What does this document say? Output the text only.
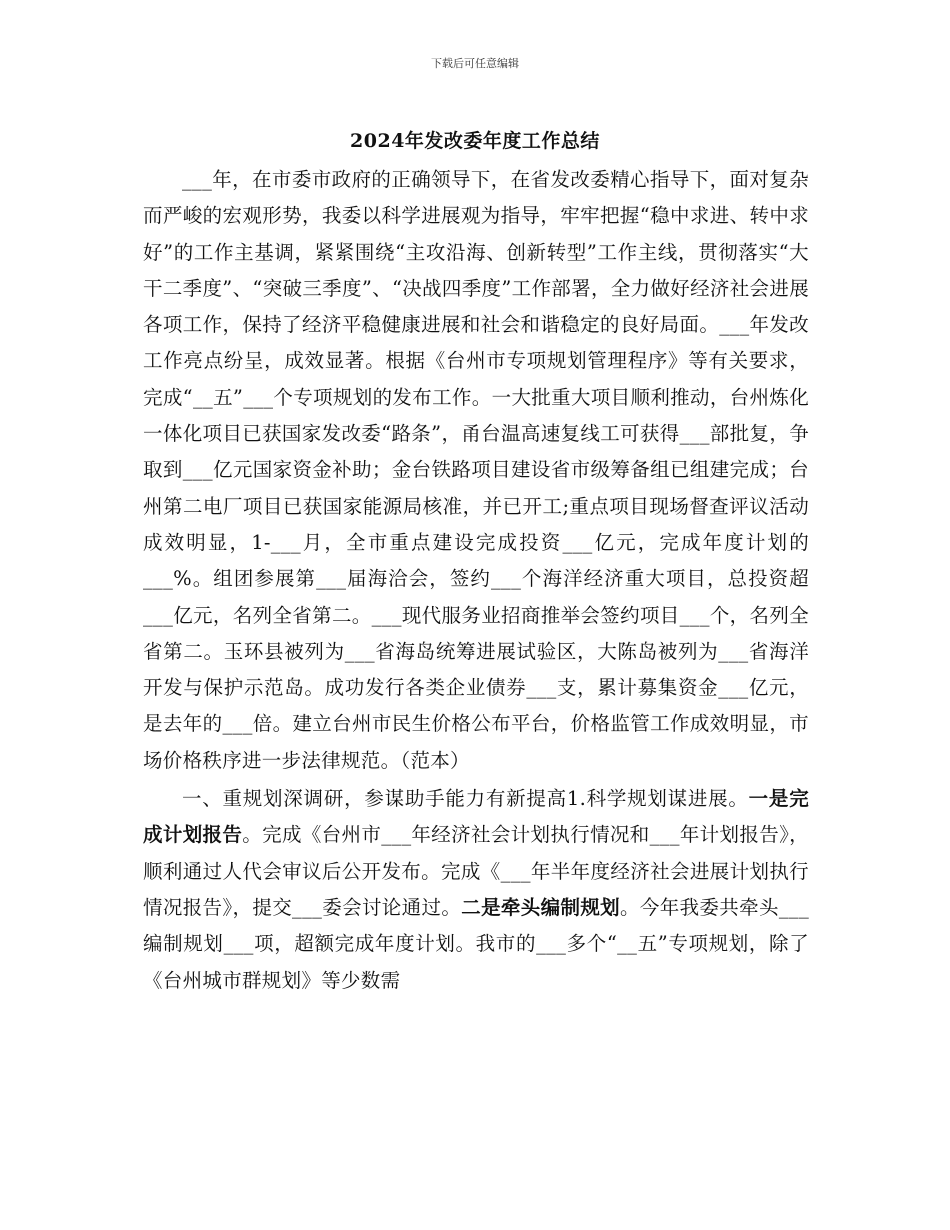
下载后可任意编辑
2024年发改委年度工作总结

___年，在市委市政府的正确领导下，在省发改委精心指导下，面对复杂而严峻的宏观形势，我委以科学进展观为指导，牢牢把握“稳中求进、转中求好”的工作主基调，紧紧围绕“主攻沿海、创新转型”工作主线，贯彻落实“大干二季度”、“突破三季度”、“决战四季度”工作部署，全力做好经济社会进展各项工作，保持了经济平稳健康进展和社会和谐稳定的良好局面。___年发改工作亮点纷呈，成效显著。根据《台州市专项规划管理程序》等有关要求，完成“__五”___个专项规划的发布工作。一大批重大项目顺利推动，台州炼化一体化项目已获国家发改委“路条”，甬台温高速复线工可获得___部批复，争取到___亿元国家资金补助；金台铁路项目建设省市级筹备组已组建完成；台州第二电厂项目已获国家能源局核准，并已开工;重点项目现场督查评议活动成效明显，1-___月，全市重点建设完成投资___亿元，完成年度计划的___%。组团参展第___届海洽会，签约___个海洋经济重大项目，总投资超___亿元，名列全省第二。___现代服务业招商推举会签约项目___个，名列全省第二。玉环县被列为___省海岛统筹进展试验区，大陈岛被列为___省海洋开发与保护示范岛。成功发行各类企业债券___支，累计募集资金___亿元，是去年的___倍。建立台州市民生价格公布平台，价格监管工作成效明显，市场价格秩序进一步法律规范。（范本）

一、重规划深调研，参谋助手能力有新提高1.科学规划谋进展。一是完成计划报告。完成《台州市___年经济社会计划执行情况和___年计划报告》，顺利通过人代会审议后公开发布。完成《___年半年度经济社会进展计划执行情况报告》，提交___委会讨论通过。二是牵头编制规划。今年我委共牵头___编制规划___项，超额完成年度计划。我市的___多个“__五”专项规划，除了《台州城市群规划》等少数需
